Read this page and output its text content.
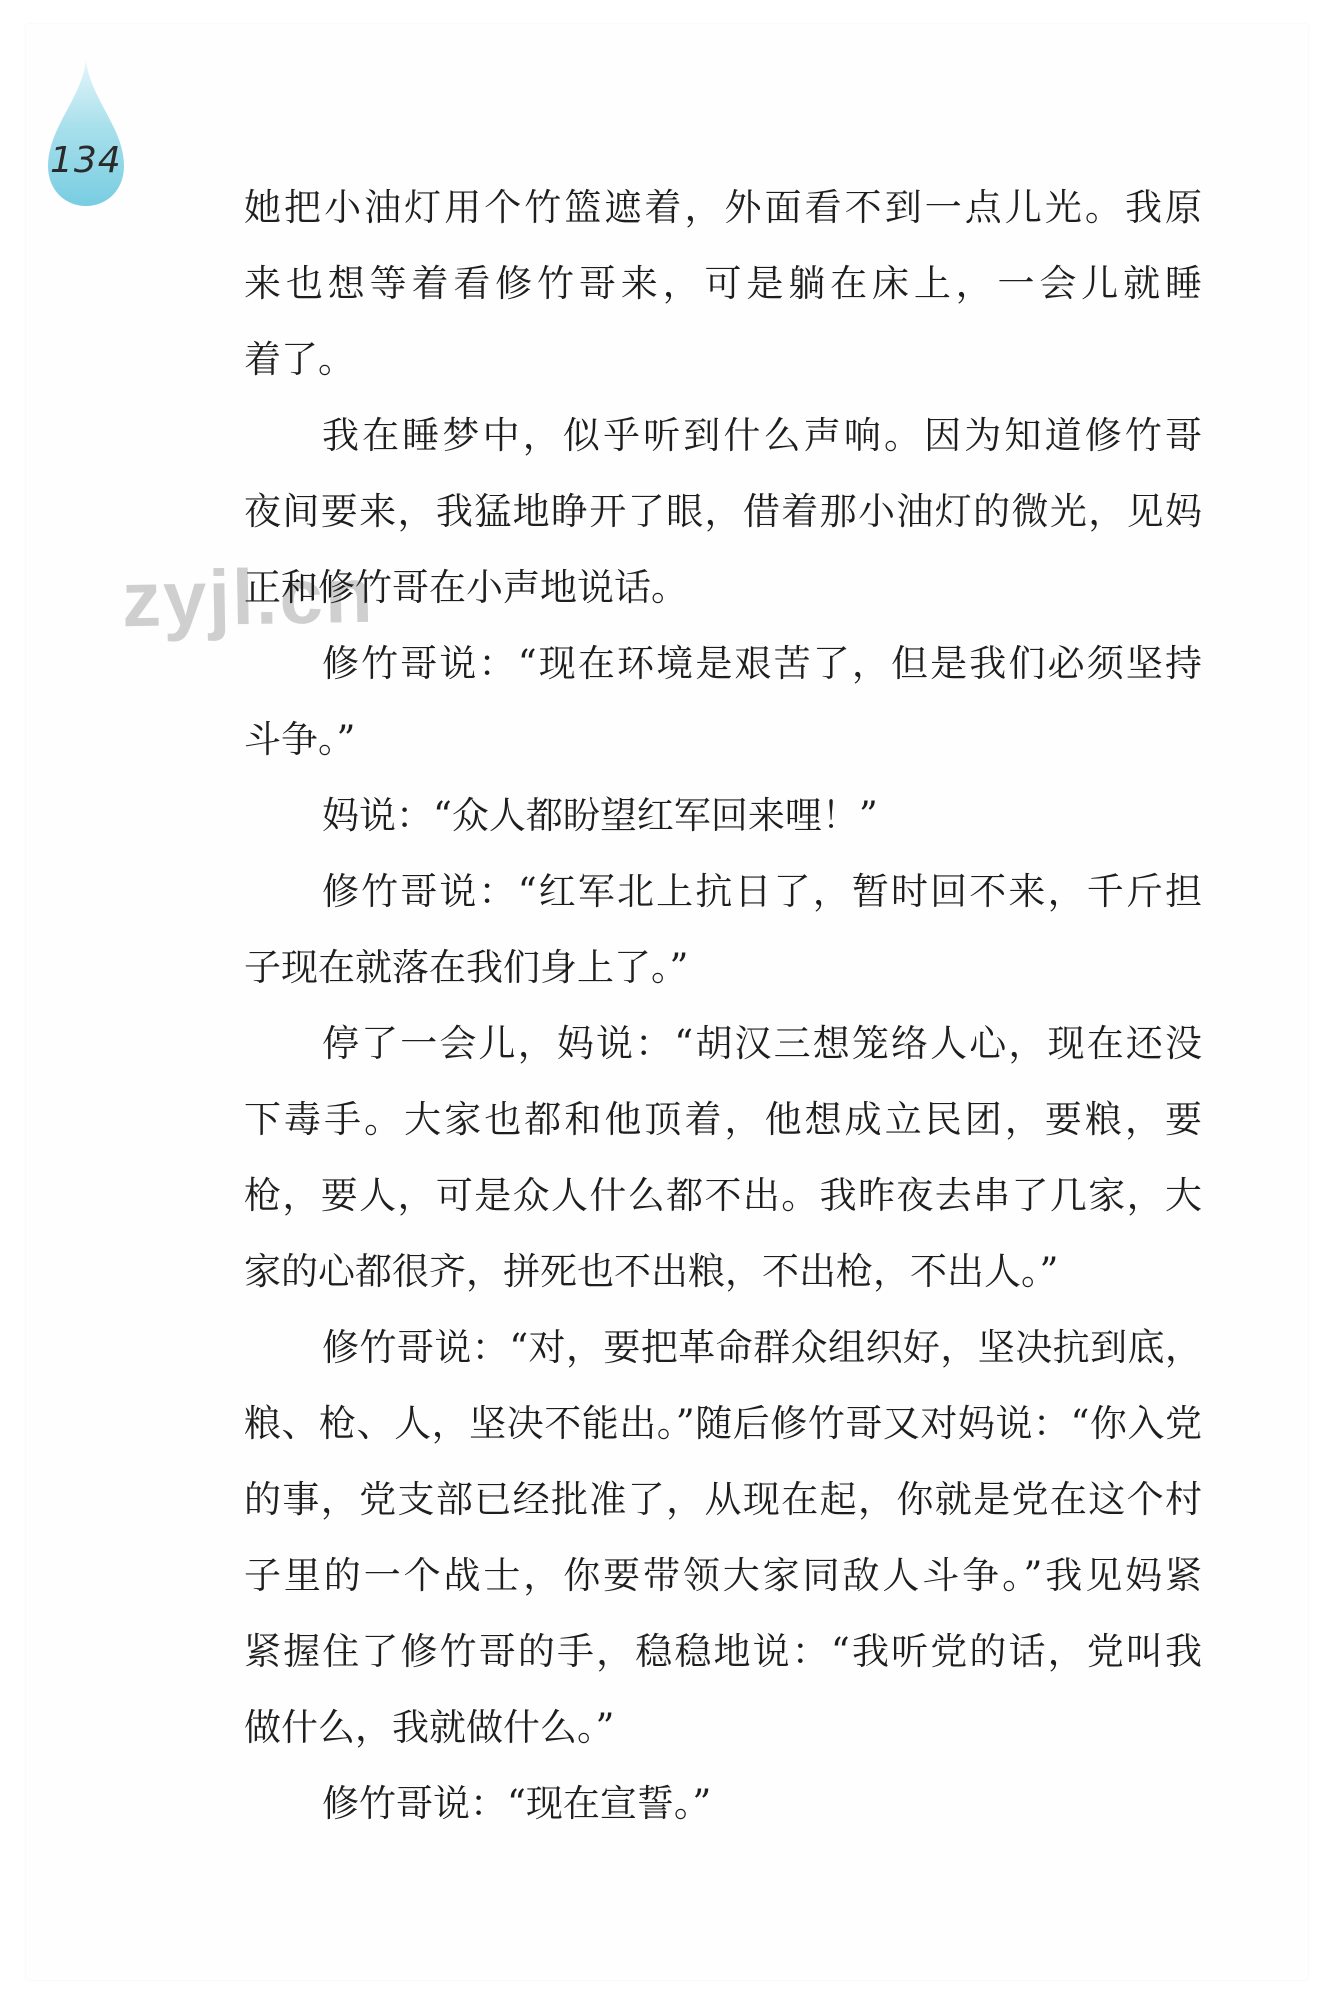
134
zyjl.cn
她把小油灯用个竹篮遮着，外面看不到一点儿光。我原
来也想等着看修竹哥来，可是躺在床上，一会儿就睡
着了。
我在睡梦中，似乎听到什么声响。因为知道修竹哥
夜间要来，我猛地睁开了眼，借着那小油灯的微光，见妈
正和修竹哥在小声地说话。
修竹哥说：“现在环境是艰苦了，但是我们必须坚持
斗争。”
妈说：“众人都盼望红军回来哩！”
修竹哥说：“红军北上抗日了，暂时回不来，千斤担
子现在就落在我们身上了。”
停了一会儿，妈说：“胡汉三想笼络人心，现在还没
下毒手。大家也都和他顶着，他想成立民团，要粮，要
枪，要人，可是众人什么都不出。我昨夜去串了几家，大
家的心都很齐，拼死也不出粮，不出枪，不出人。”
修竹哥说：“对，要把革命群众组织好，坚决抗到底，
粮、枪、人，坚决不能出。”随后修竹哥又对妈说：“你入党
的事，党支部已经批准了，从现在起，你就是党在这个村
子里的一个战士，你要带领大家同敌人斗争。”我见妈紧
紧握住了修竹哥的手，稳稳地说：“我听党的话，党叫我
做什么，我就做什么。”
修竹哥说：“现在宣誓。”
